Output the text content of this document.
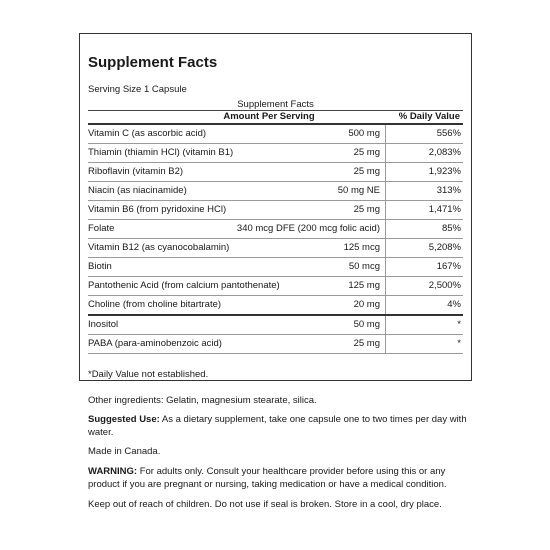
Supplement Facts
Serving Size 1 Capsule
Supplement Facts
Amount Per Serving	% Daily Value
Vitamin C (as ascorbic acid)	500 mg	556%
Thiamin (thiamin HCl) (vitamin B1)	25 mg	2,083%
Riboflavin (vitamin B2)	25 mg	1,923%
Niacin (as niacinamide)	50 mg NE	313%
Vitamin B6 (from pyridoxine HCl)	25 mg	1,471%
Folate	340 mcg DFE (200 mcg folic acid)	85%
Vitamin B12 (as cyanocobalamin)	125 mcg	5,208%
Biotin	50 mcg	167%
Pantothenic Acid (from calcium pantothenate)	125 mg	2,500%
Choline (from choline bitartrate)	20 mg	4%
Inositol	50 mg	*
PABA (para-aminobenzoic acid)	25 mg	*
*Daily Value not established.
Other ingredients: Gelatin, magnesium stearate, silica.
Suggested Use: As a dietary supplement, take one capsule one to two times per day with water.
Made in Canada.
WARNING: For adults only. Consult your healthcare provider before using this or any product if you are pregnant or nursing, taking medication or have a medical condition.
Keep out of reach of children. Do not use if seal is broken. Store in a cool, dry place.
